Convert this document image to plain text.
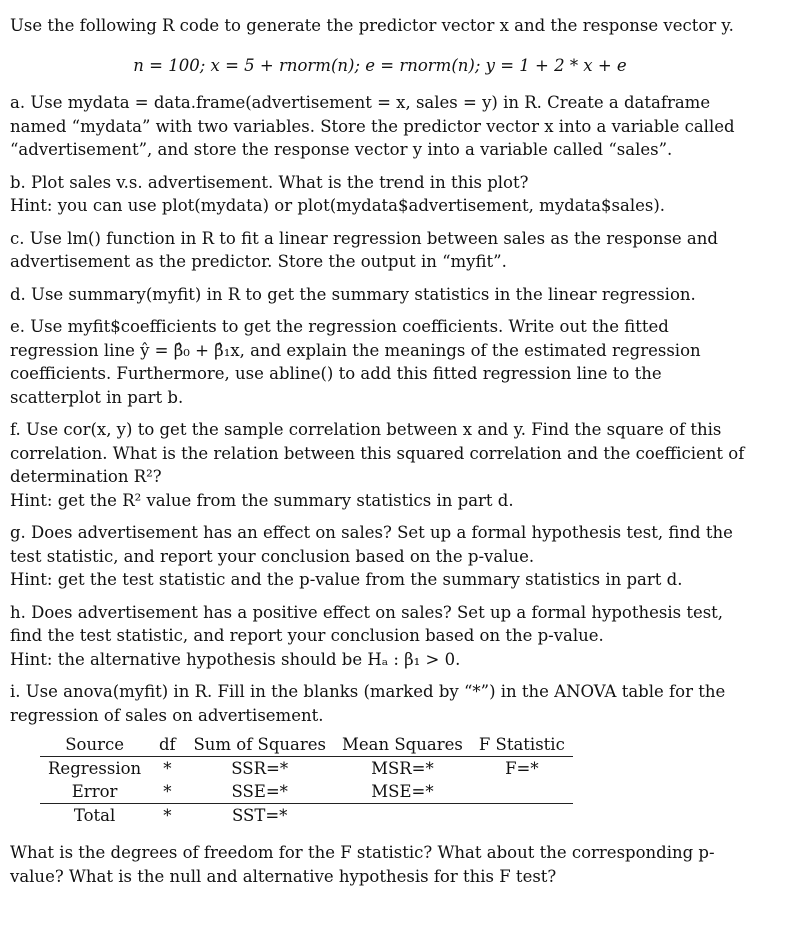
Use the following R code to generate the predictor vector x and the response vector y.

n = 100; x = 5 + rnorm(n); e = rnorm(n); y = 1 + 2 * x + e

a. Use mydata = data.frame(advertisement = x, sales = y) in R. Create a dataframe named “mydata” with two variables. Store the predictor vector x into a variable called “advertisement”, and store the response vector y into a variable called “sales”.

b. Plot sales v.s. advertisement. What is the trend in this plot?
Hint: you can use plot(mydata) or plot(mydata$advertisement, mydata$sales).

c. Use lm() function in R to fit a linear regression between sales as the response and advertisement as the predictor. Store the output in “myfit”.

d. Use summary(myfit) in R to get the summary statistics in the linear regression.

e. Use myfit$coefficients to get the regression coefficients. Write out the fitted regression line ŷ = β̂₀ + β̂₁x, and explain the meanings of the estimated regression coefficients. Furthermore, use abline() to add this fitted regression line to the scatterplot in part b.

f. Use cor(x, y) to get the sample correlation between x and y. Find the square of this correlation. What is the relation between this squared correlation and the coefficient of determination R²?
Hint: get the R² value from the summary statistics in part d.
g. Does advertisement has an effect on sales? Set up a formal hypothesis test, find the test statistic, and report your conclusion based on the p-value.
Hint: get the test statistic and the p-value from the summary statistics in part d.
h. Does advertisement has a positive effect on sales? Set up a formal hypothesis test, find the test statistic, and report your conclusion based on the p-value.
Hint: the alternative hypothesis should be Hₐ : β₁ > 0.

i. Use anova(myfit) in R. Fill in the blanks (marked by “*”) in the ANOVA table for the regression of sales on advertisement.

Source	df	Sum of Squares	Mean Squares	F Statistic
Regression	*	SSR=*	MSR=*	F=*
Error	*	SSE=*	MSE=*	
Total	*	SST=*		

What is the degrees of freedom for the F statistic? What about the corresponding p-value? What is the null and alternative hypothesis for this F test?
